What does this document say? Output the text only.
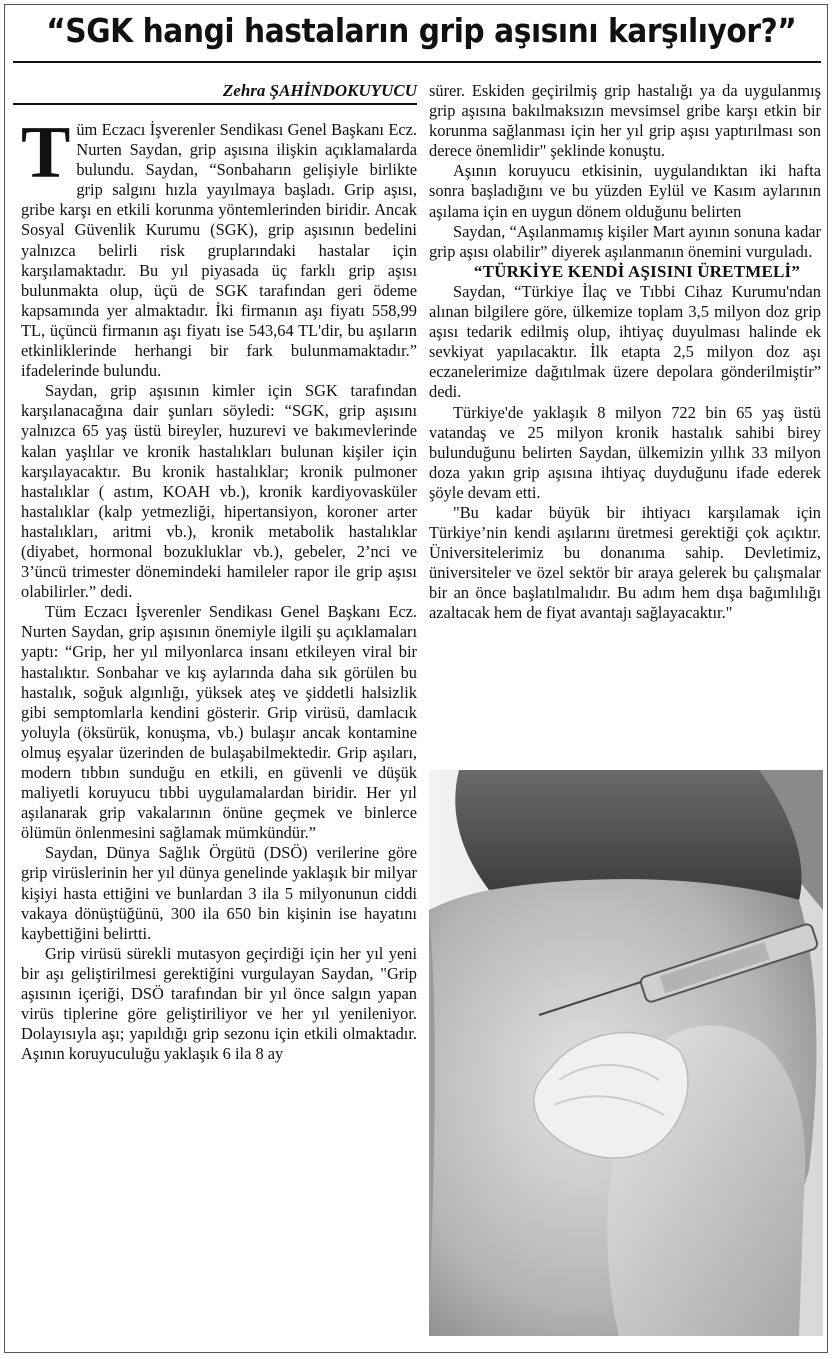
“SGK hangi hastaların grip aşısını karşılıyor?”
Zehra ŞAHİNDOKUYUCU

Tüm Eczacı İşverenler Sendikası Genel Başkanı Ecz. Nurten Saydan, grip aşısına ilişkin açıklamalarda bulundu. Saydan, “Sonbaharın gelişiyle birlikte grip salgını hızla yayılmaya başladı. Grip aşısı, gribe karşı en etkili korunma yöntemlerinden biridir. Ancak Sosyal Güvenlik Kurumu (SGK), grip aşısının bedelini yalnızca belirli risk gruplarındaki hastalar için karşılamaktadır. Bu yıl piyasada üç farklı grip aşısı bulunmakta olup, üçü de SGK tarafından geri ödeme kapsamında yer almaktadır. İki firmanın aşı fiyatı 558,99 TL, üçüncü firmanın aşı fiyatı ise 543,64 TL'dir, bu aşıların etkinliklerinde herhangi bir fark bulunmamaktadır.” ifadelerinde bulundu.

Saydan, grip aşısının kimler için SGK tarafından karşılanacağına dair şunları söyledi: “SGK, grip aşısını yalnızca 65 yaş üstü bireyler, huzurevi ve bakımevlerinde kalan yaşlılar ve kronik hastalıkları bulunan kişiler için karşılayacaktır. Bu kronik hastalıklar; kronik pulmoner hastalıklar ( astım, KOAH vb.), kronik kardiyovasküler hastalıklar (kalp yetmezliği, hipertansiyon, koroner arter hastalıkları, aritmi vb.), kronik metabolik hastalıklar (diyabet, hormonal bozukluklar vb.), gebeler, 2’nci ve 3’üncü trimester dönemindeki hamileler rapor ile grip aşısı olabilirler.” dedi.

Tüm Eczacı İşverenler Sendikası Genel Başkanı Ecz. Nurten Saydan, grip aşısının önemiyle ilgili şu açıklamaları yaptı: “Grip, her yıl milyonlarca insanı etkileyen viral bir hastalıktır. Sonbahar ve kış aylarında daha sık görülen bu hastalık, soğuk algınlığı, yüksek ateş ve şiddetli halsizlik gibi semptomlarla kendini gösterir. Grip virüsü, damlacık yoluyla (öksürük, konuşma, vb.) bulaşır ancak kontamine olmuş eşyalar üzerinden de bulaşabilmektedir. Grip aşıları, modern tıbbın sunduğu en etkili, en güvenli ve düşük maliyetli koruyucu tıbbi uygulamalardan biridir. Her yıl aşılanarak grip vakalarının önüne geçmek ve binlerce ölümün önlenmesini sağlamak mümkündür.”

Saydan, Dünya Sağlık Örgütü (DSÖ) verilerine göre grip virüslerinin her yıl dünya genelinde yaklaşık bir milyar kişiyi hasta ettiğini ve bunlardan 3 ila 5 milyonunun ciddi vakaya dönüştüğünü, 300 ila 650 bin kişinin ise hayatını kaybettiğini belirtti.

Grip virüsü sürekli mutasyon geçirdiği için her yıl yeni bir aşı geliştirilmesi gerektiğini vurgulayan Saydan, "Grip aşısının içeriği, DSÖ tarafından bir yıl önce salgın yapan virüs tiplerine göre geliştiriliyor ve her yıl yenileniyor. Dolayısıyla aşı; yapıldığı grip sezonu için etkili olmaktadır. Aşının koruyuculuğu yaklaşık 6 ila 8 ay

sürer. Eskiden geçirilmiş grip hastalığı ya da uygulanmış grip aşısına bakılmaksızın mevsimsel gribe karşı etkin bir korunma sağlanması için her yıl grip aşısı yaptırılması son derece önemlidir" şeklinde konuştu.

Aşının koruyucu etkisinin, uygulandıktan iki hafta sonra başladığını ve bu yüzden Eylül ve Kasım aylarının aşılama için en uygun dönem olduğunu belirten

Saydan, “Aşılanmamış kişiler Mart ayının sonuna kadar grip aşısı olabilir” diyerek aşılanmanın önemini vurguladı.

“TÜRKİYE KENDİ AŞISINI ÜRETMELİ”

Saydan, “Türkiye İlaç ve Tıbbi Cihaz Kurumu'ndan alınan bilgilere göre, ülkemize toplam 3,5 milyon doz grip aşısı tedarik edilmiş olup, ihtiyaç duyulması halinde ek sevkiyat yapılacaktır. İlk etapta 2,5 milyon doz aşı eczanelerimize dağıtılmak üzere depolara gönderilmiştir” dedi.

Türkiye'de yaklaşık 8 milyon 722 bin 65 yaş üstü vatandaş ve 25 milyon kronik hastalık sahibi birey bulunduğunu belirten Saydan, ülkemizin yıllık 33 milyon doza yakın grip aşısına ihtiyaç duyduğunu ifade ederek şöyle devam etti.

"Bu kadar büyük bir ihtiyacı karşılamak için Türkiye’nin kendi aşılarını üretmesi gerektiği çok açıktır. Üniversitelerimiz bu donanıma sahip. Devletimiz, üniversiteler ve özel sektör bir araya gelerek bu çalışmalar bir an önce başlatılmalıdır. Bu adım hem dışa bağımlılığı azaltacak hem de fiyat avantajı sağlayacaktır."
